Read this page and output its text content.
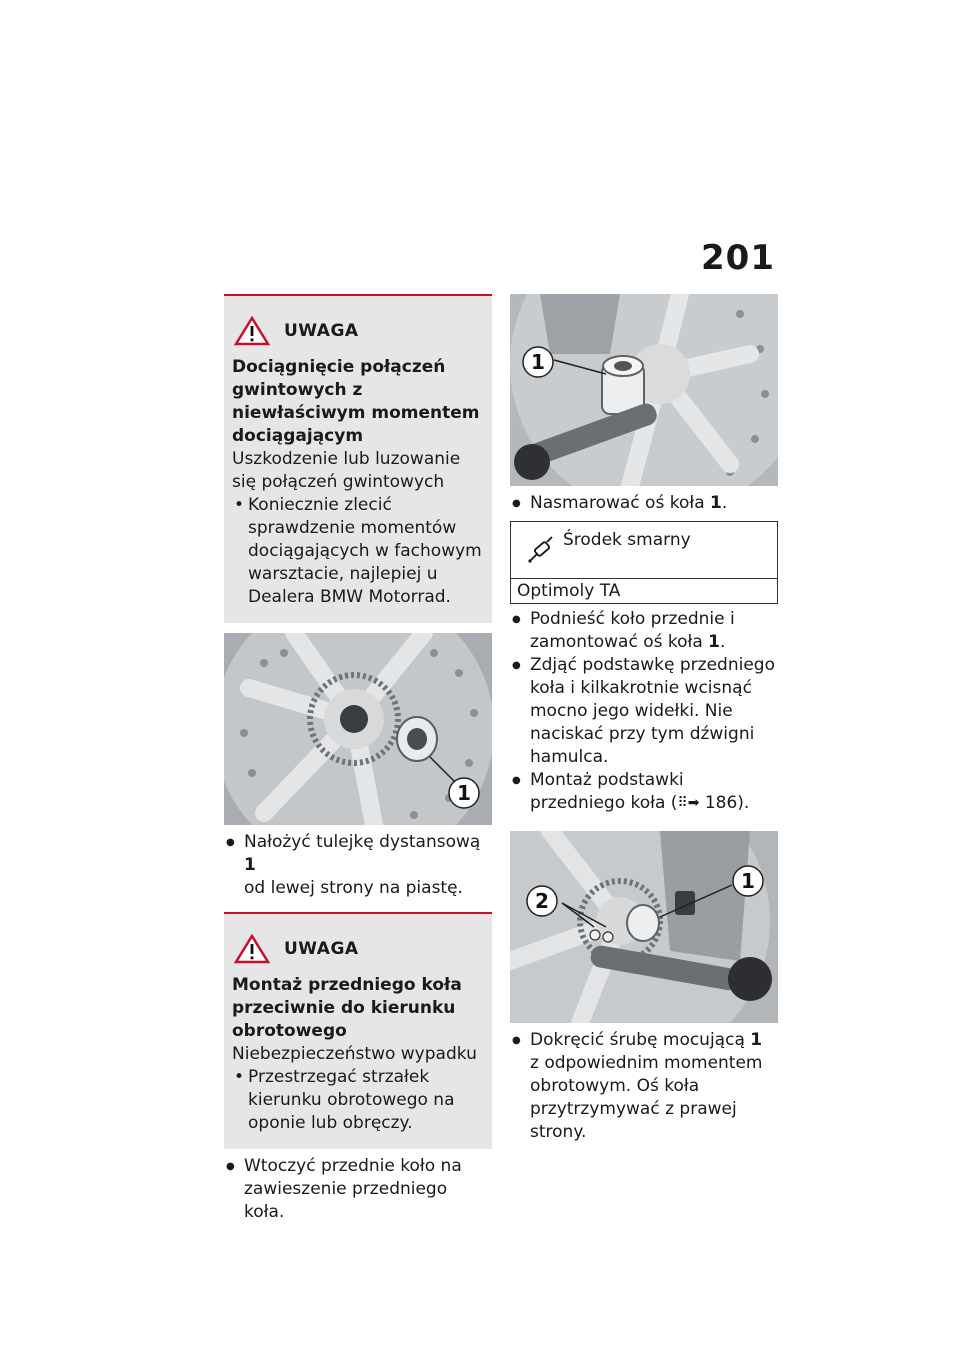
201
UWAGA
Dociągnięcie połączeń gwintowych z niewłaściwym momentem dociągającym
Uszkodzenie lub luzowanie się połączeń gwintowych
• Koniecznie zlecić sprawdzenie momentów dociągających w fachowym warsztacie, najlepiej u Dealera BMW Motorrad.
1
● Nałożyć tulejkę dystansową 1
od lewej strony na piastę.
UWAGA
Montaż przedniego koła przeciwnie do kierunku obrotowego
Niebezpieczeństwo wypadku
• Przestrzegać strzałek kierunku obrotowego na oponie lub obręczy.
● Wtoczyć przednie koło na zawieszenie przedniego koła.
1
● Nasmarować oś koła 1.
Środek smarny
Optimoly TA
● Podnieść koło przednie i zamontować oś koła 1.
● Zdjąć podstawkę przedniego koła i kilkakrotnie wcisnąć mocno jego widełki. Nie naciskać przy tym dźwigni hamulca.
● Montaż podstawki przedniego koła (⠿➡ 186).
2
1
● Dokręcić śrubę mocującą 1
z odpowiednim momentem obrotowym. Oś koła przytrzymywać z prawej strony.
